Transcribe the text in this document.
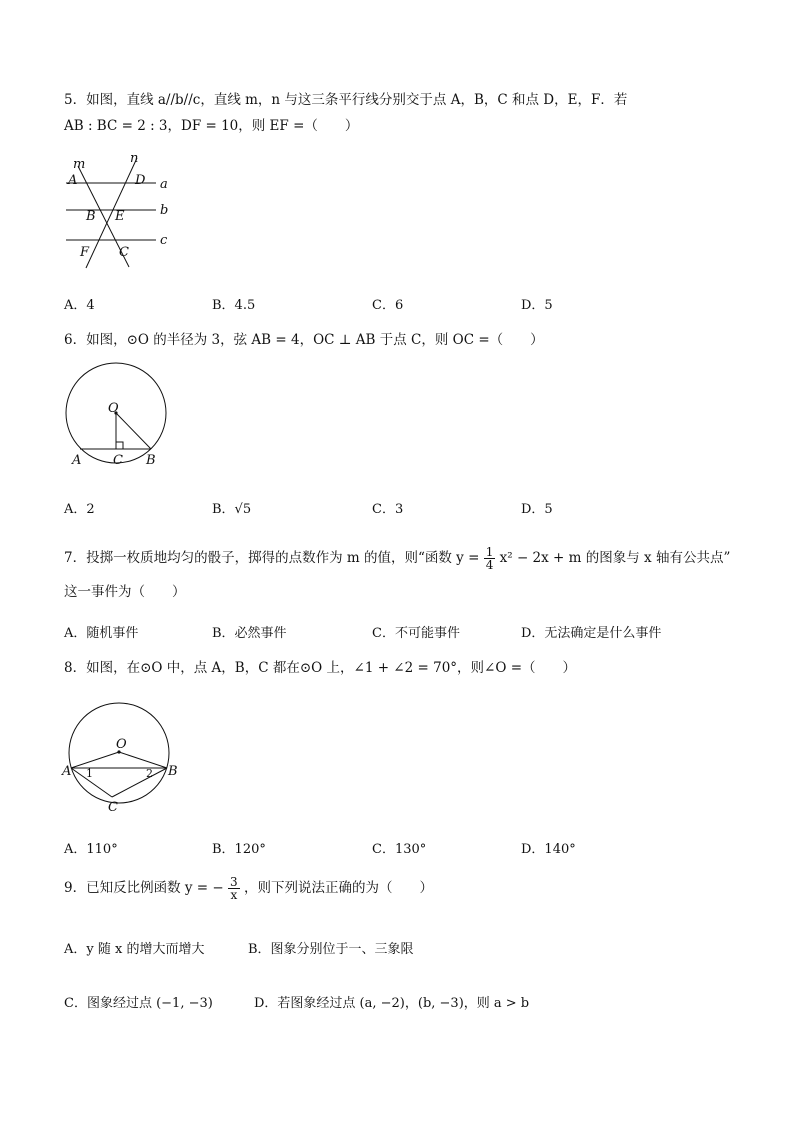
5．如图，直线 a//b//c，直线 m，n 与这三条平行线分别交于点 A，B，C 和点 D，E，F．若
AB : BC = 2 : 3，DF = 10，则 EF =（　　）
m	n
A	D a
B E	b
F C
c
A．4	B．4.5	C．6	D．5
6．如图，⊙O 的半径为 3，弦 AB = 4，OC ⊥ AB 于点 C，则 OC =（　　）
O
A C B
A．2	B．√5	C．3	D．5
7．投掷一枚质地均匀的骰子，掷得的点数作为 m 的值，则“函数 $y = \frac{1}{4} x^2 - 2x + m$ 的图象与 x 轴有公共点”
这一事件为（　　）
A．随机事件	B．必然事件	C．不可能事件	D．无法确定是什么事件
8．如图，在⊙O 中，点 A，B，C 都在⊙O 上，∠1 + ∠2 = 70°，则∠O =（　　）
O
A	B
C
1	2
A．110°	B．120°	C．130°	D．140°
9．已知反比例函数 y = − $\frac{3}{x}$ ，则下列说法正确的为（　　）
A．y 随 x 的增大而增大	B．图象分别位于一、三象限
C．图象经过点 (−1, −3)	D．若图象经过点 (a, −2)，(b, −3)，则 a > b
